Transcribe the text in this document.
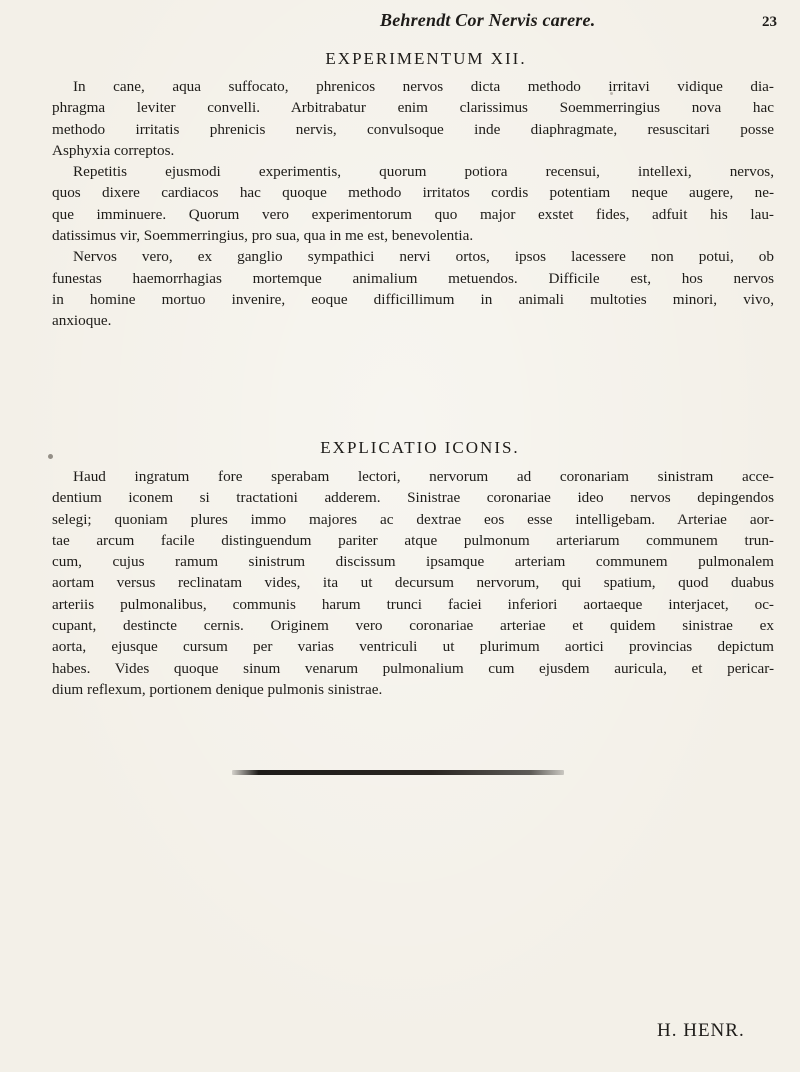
Behrendt Cor Nervis carere.	23
EXPERIMENTUM XII.
In cane, aqua suffocato, phrenicos nervos dicta methodo irritavi vidique dia-
phragma leviter convelli. Arbitrabatur enim clarissimus Soemmerringius nova hac
methodo irritatis phrenicis nervis, convulsoque inde diaphragmate, resuscitari posse
Asphyxia correptos.
Repetitis ejusmodi experimentis, quorum potiora recensui, intellexi, nervos,
quos dixere cardiacos hac quoque methodo irritatos cordis potentiam neque augere, ne-
que imminuere. Quorum vero experimentorum quo major exstet fides, adfuit his lau-
datissimus vir, Soemmerringius, pro sua, qua in me est, benevolentia.
Nervos vero, ex ganglio sympathici nervi ortos, ipsos lacessere non potui, ob
funestas haemorrhagias mortemque animalium metuendos. Difficile est, hos nervos
in homine mortuo invenire, eoque difficillimum in animali multoties minori, vivo,
anxioque.
EXPLICATIO ICONIS.
Haud ingratum fore sperabam lectori, nervorum ad coronariam sinistram acce-
dentium iconem si tractationi adderem. Sinistrae coronariae ideo nervos depingendos
selegi; quoniam plures immo majores ac dextrae eos esse intelligebam. Arteriae aor-
tae arcum facile distinguendum pariter atque pulmonum arteriarum communem trun-
cum, cujus ramum sinistrum discissum ipsamque arteriam communem pulmonalem
aortam versus reclinatam vides, ita ut decursum nervorum, qui spatium, quod duabus
arteriis pulmonalibus, communis harum trunci faciei inferiori aortaeque interjacet, oc-
cupant, destincte cernis. Originem vero coronariae arteriae et quidem sinistrae ex
aorta, ejusque cursum per varias ventriculi ut plurimum aortici provincias depictum
habes. Vides quoque sinum venarum pulmonalium cum ejusdem auricula, et pericar-
dium reflexum, portionem denique pulmonis sinistrae.
H. HENR.
